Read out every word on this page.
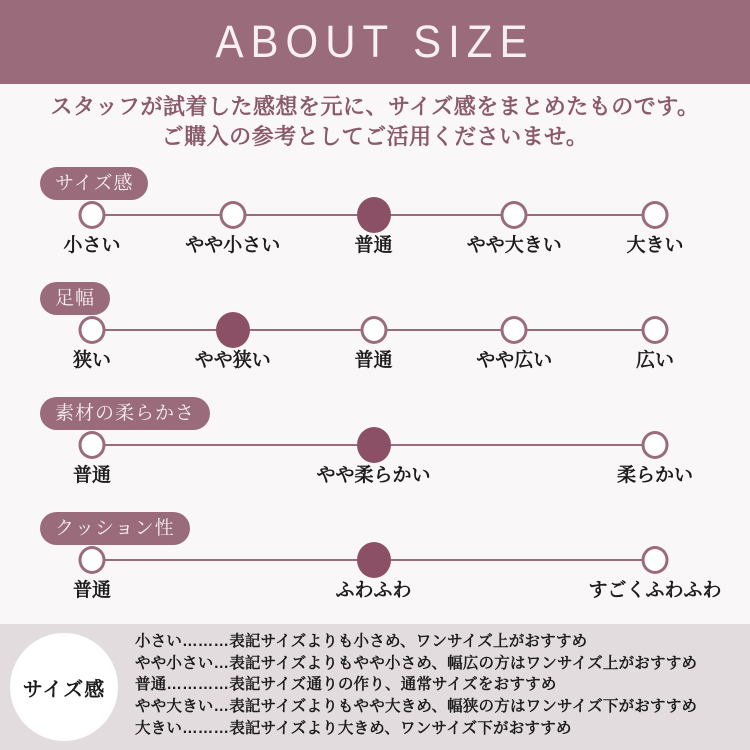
ABOUT SIZE

スタッフが試着した感想を元に、サイズ感をまとめたものです。
ご購入の参考としてご活用くださいませ。

サイズ感
小さい	やや小さい	普通	やや大きい	大きい
足幅
狭い	やや狭い	普通	やや広い	広い
素材の柔らかさ
普通	やや柔らかい	柔らかい
クッション性
普通	ふわふわ	すごくふわふわ
サイズ感
小さい………表記サイズよりも小さめ、ワンサイズ上がおすすめ
やや小さい…表記サイズよりもやや小さめ、幅広の方はワンサイズ上がおすすめ
普通…………表記サイズ通りの作り、通常サイズをおすすめ
やや大きい…表記サイズよりもやや大きめ、幅狭の方はワンサイズ下がおすすめ
大きい………表記サイズより大きめ、ワンサイズ下がおすすめ
